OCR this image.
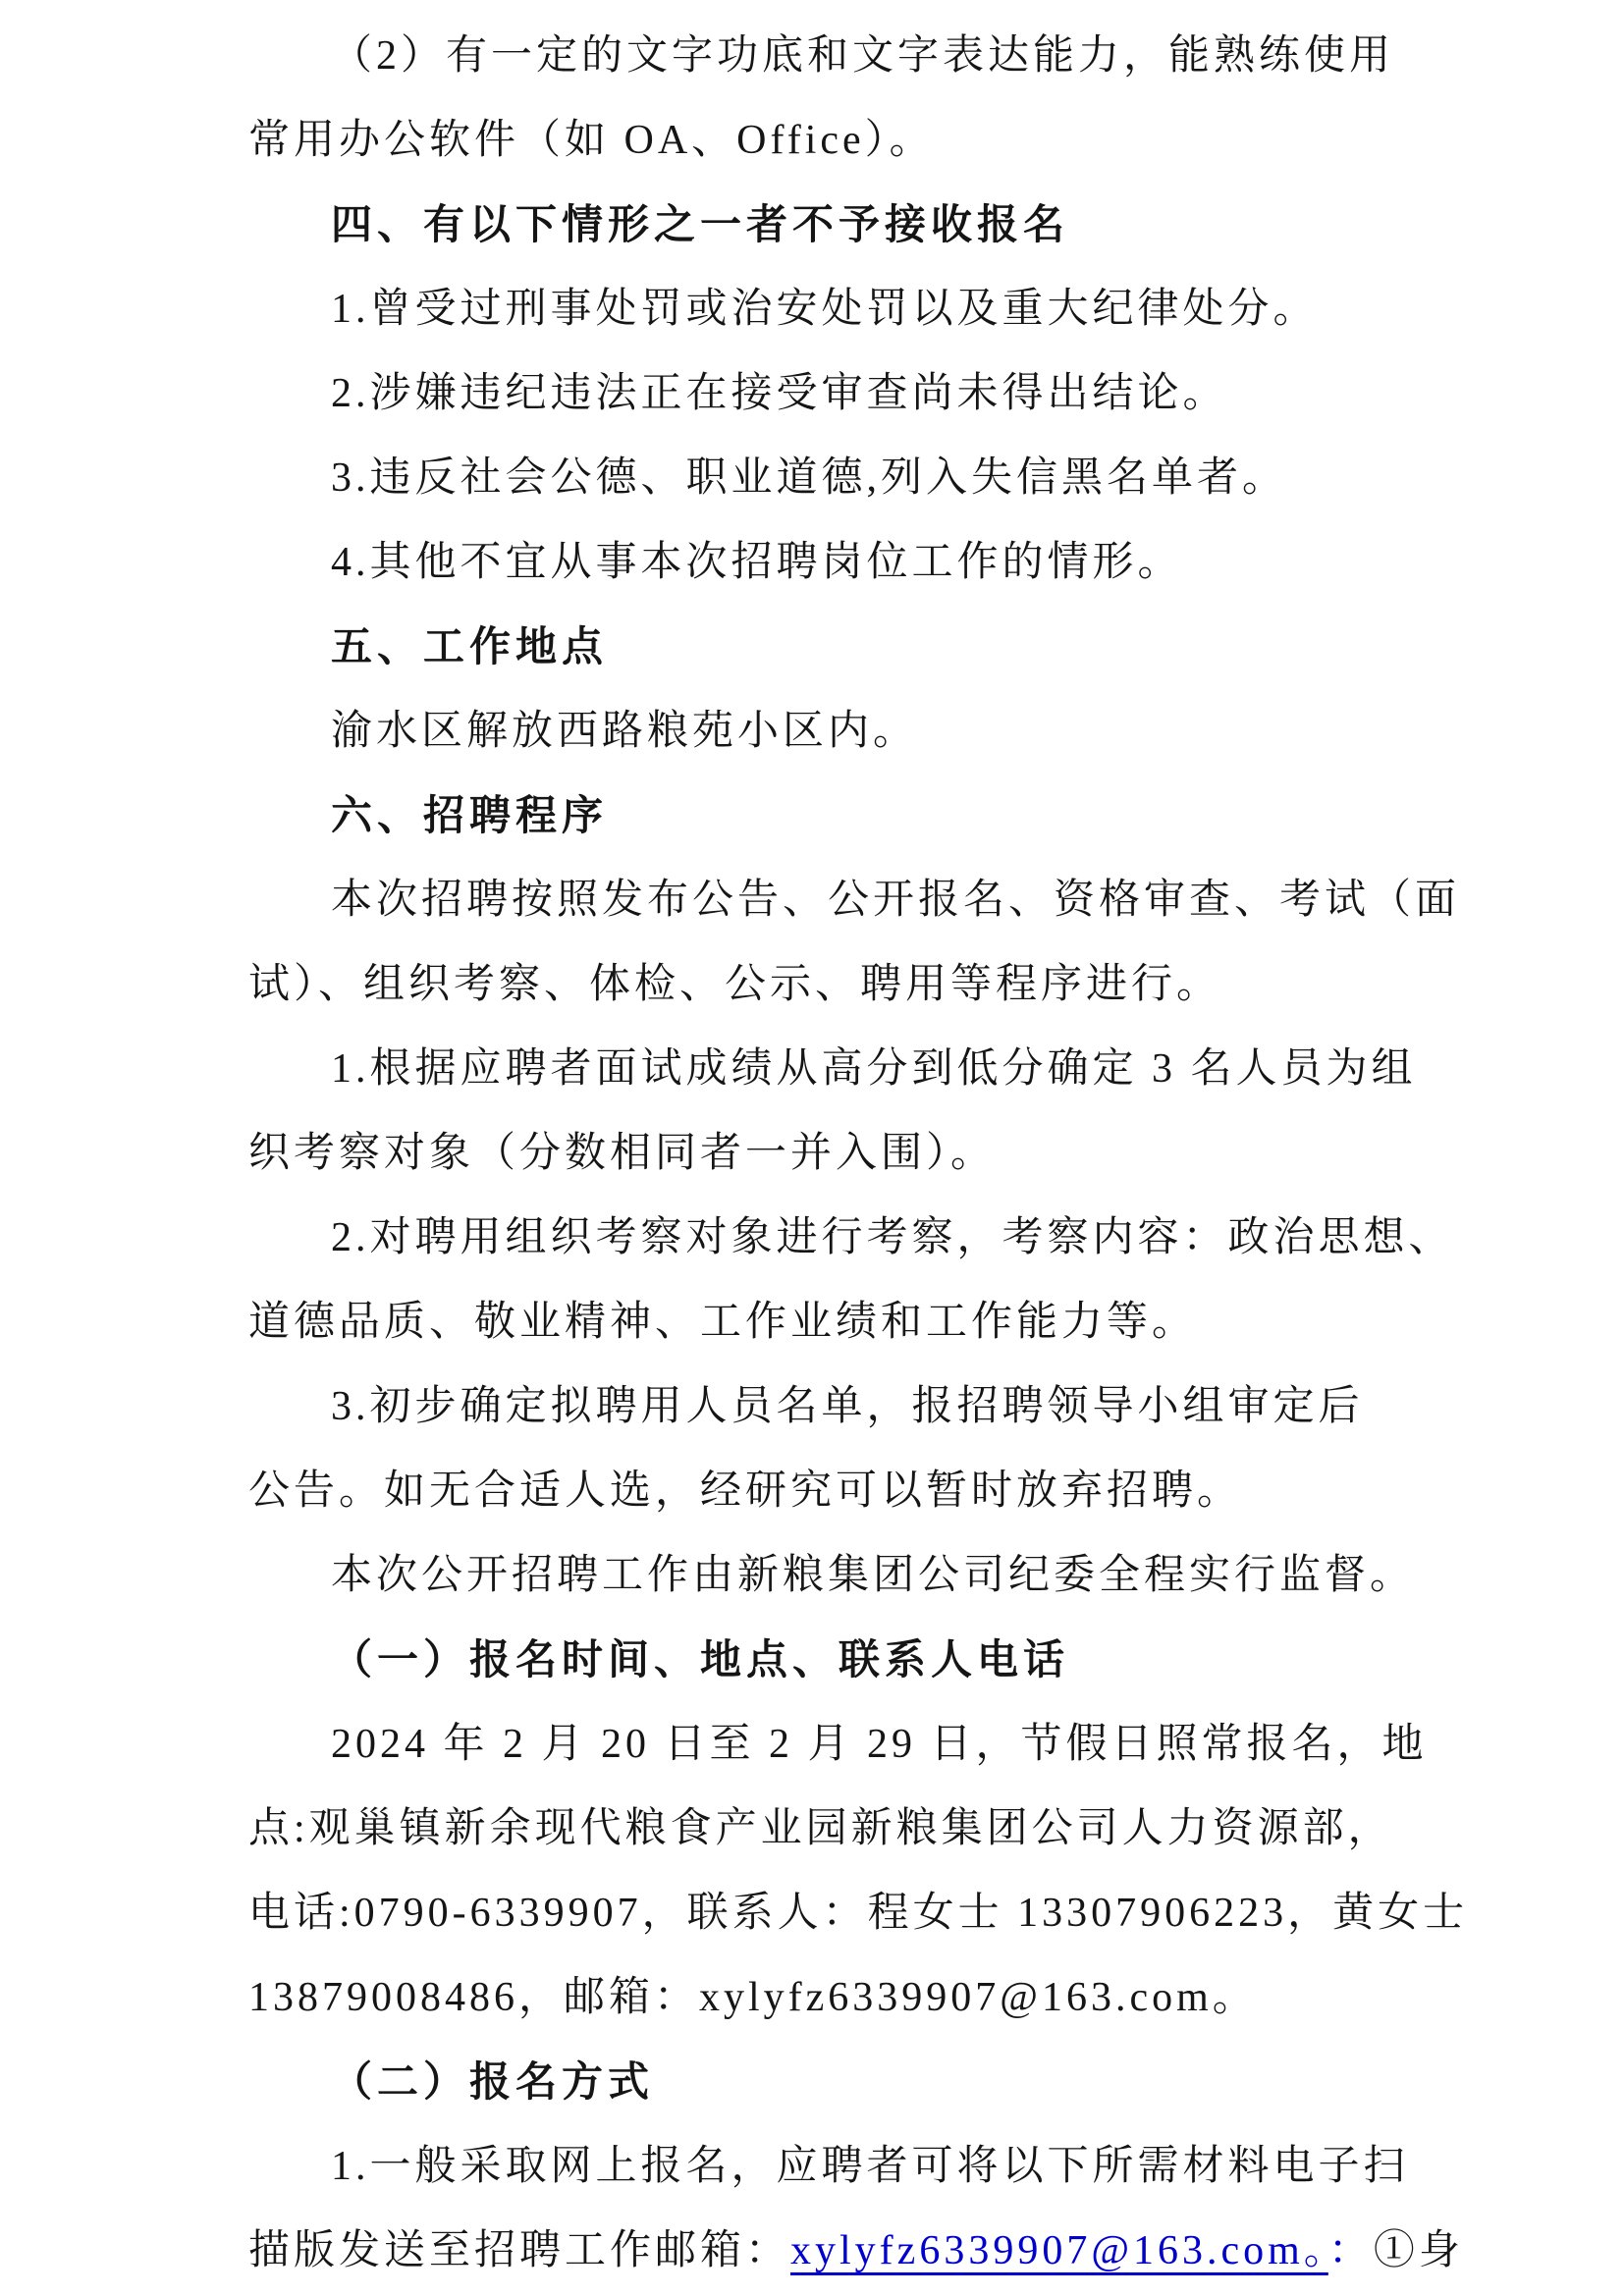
（2）有一定的文字功底和文字表达能力，能熟练使用
常用办公软件（如 OA、Office）。
四、有以下情形之一者不予接收报名
1.曾受过刑事处罚或治安处罚以及重大纪律处分。
2.涉嫌违纪违法正在接受审查尚未得出结论。
3.违反社会公德、职业道德,列入失信黑名单者。
4.其他不宜从事本次招聘岗位工作的情形。
五、工作地点
渝水区解放西路粮苑小区内。
六、招聘程序
本次招聘按照发布公告、公开报名、资格审查、考试（面
试）、组织考察、体检、公示、聘用等程序进行。
1.根据应聘者面试成绩从高分到低分确定 3 名人员为组
织考察对象（分数相同者一并入围）。
2.对聘用组织考察对象进行考察，考察内容：政治思想、
道德品质、敬业精神、工作业绩和工作能力等。
3.初步确定拟聘用人员名单，报招聘领导小组审定后
公告。如无合适人选，经研究可以暂时放弃招聘。
本次公开招聘工作由新粮集团公司纪委全程实行监督。
（一）报名时间、地点、联系人电话
2024 年 2 月 20 日至 2 月 29 日，节假日照常报名，地
点:观巢镇新余现代粮食产业园新粮集团公司人力资源部，
电话:0790-6339907，联系人：程女士 13307906223，黄女士
13879008486，邮箱：xylyfz6339907@163.com。
（二）报名方式
1.一般采取网上报名，应聘者可将以下所需材料电子扫
描版发送至招聘工作邮箱：xylyfz6339907@163.com。：①身
